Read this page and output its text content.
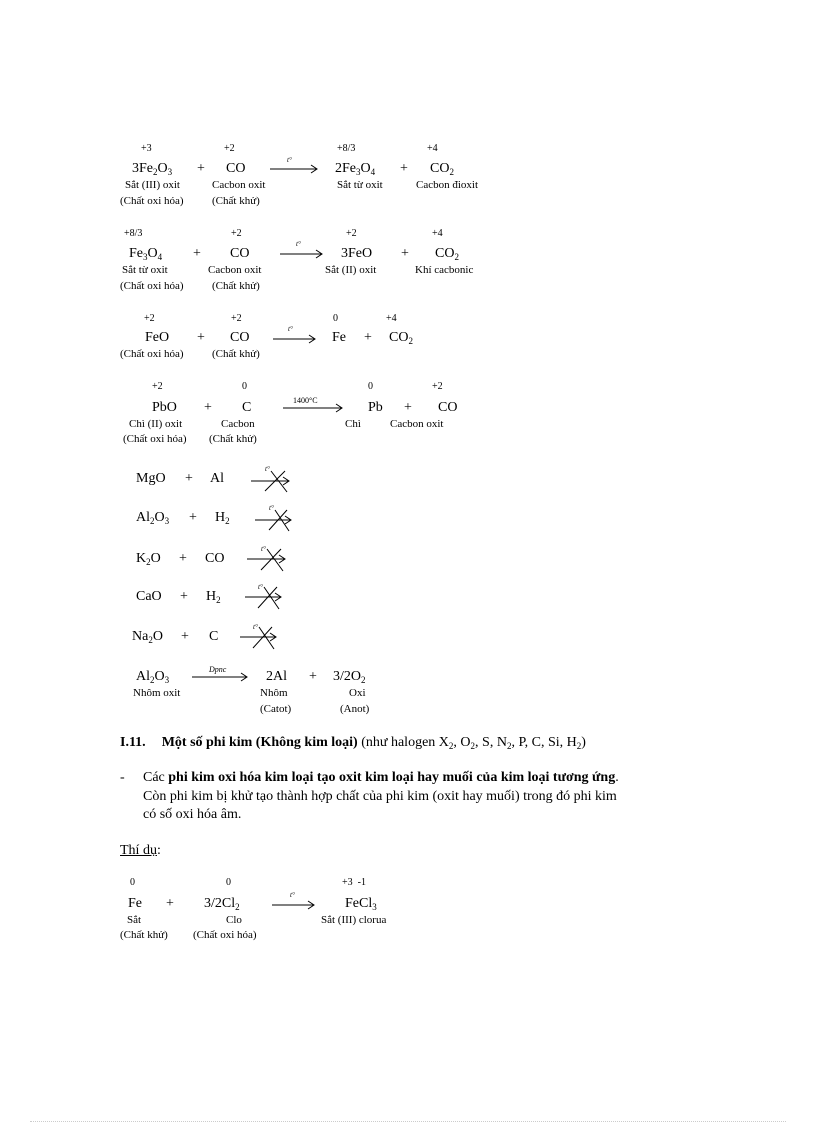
+3	+2	+8/3	+4
$3Fe_2O_3$ + CO
t°
→ $2Fe_3O_4 + CO_2$
Sắt (III) oxit	Cacbon oxit	Sắt từ oxit	Cacbon đioxit
(Chất oxi hóa)	(Chất khử)
+8/3	+2	+2	+4
$Fe_3O_4$ + CO
t°
→ $3FeO + CO_2$
Sắt từ oxit	Cacbon oxit	Sắt (II) oxit	Khí cacbonic
(Chất oxi hóa)	(Chất khử)
+2	+2	0	+4
FeO + CO
t°
→ $Fe + CO_2$
(Chất oxi hóa)	(Chất khử)
+2	0	0	+2
PbO + C	1400°C → Pb + CO
Chì (II) oxit	Cacbon	Chì	Cacbon oxit
(Chất oxi hóa) (Chất khử)
MgO + Al
t°
$Al_2O_3 + H_2$
t°
$K_2O$ + CO
t°
CaO + $H_2$
t°
$Na_2O + C$
t°
$Al_2O_3$
Dpnc → $2Al + 3/2O_2$
Nhôm oxit	Nhôm	Oxi
(Catot)	(Anot)
I.11. Một số phi kim (Không kim loại) (như halogen $X_2$, $O_2$, S, $N_2$, P, C, Si, $H_2$)
- Các phi kim oxi hóa kim loại tạo oxit kim loại hay muối của kim loại tương ứng.
Còn phi kim bị khử tạo thành hợp chất của phi kim (oxit hay muối) trong đó phi kim
có số oxi hóa âm.
Thí dụ:
0	0	+3  -1
$Fe + 3/2Cl_2$
t°
FeCl$_3$
Sắt	Clo	Sắt (III) clorua
(Chất khử) (Chất oxi hóa)
